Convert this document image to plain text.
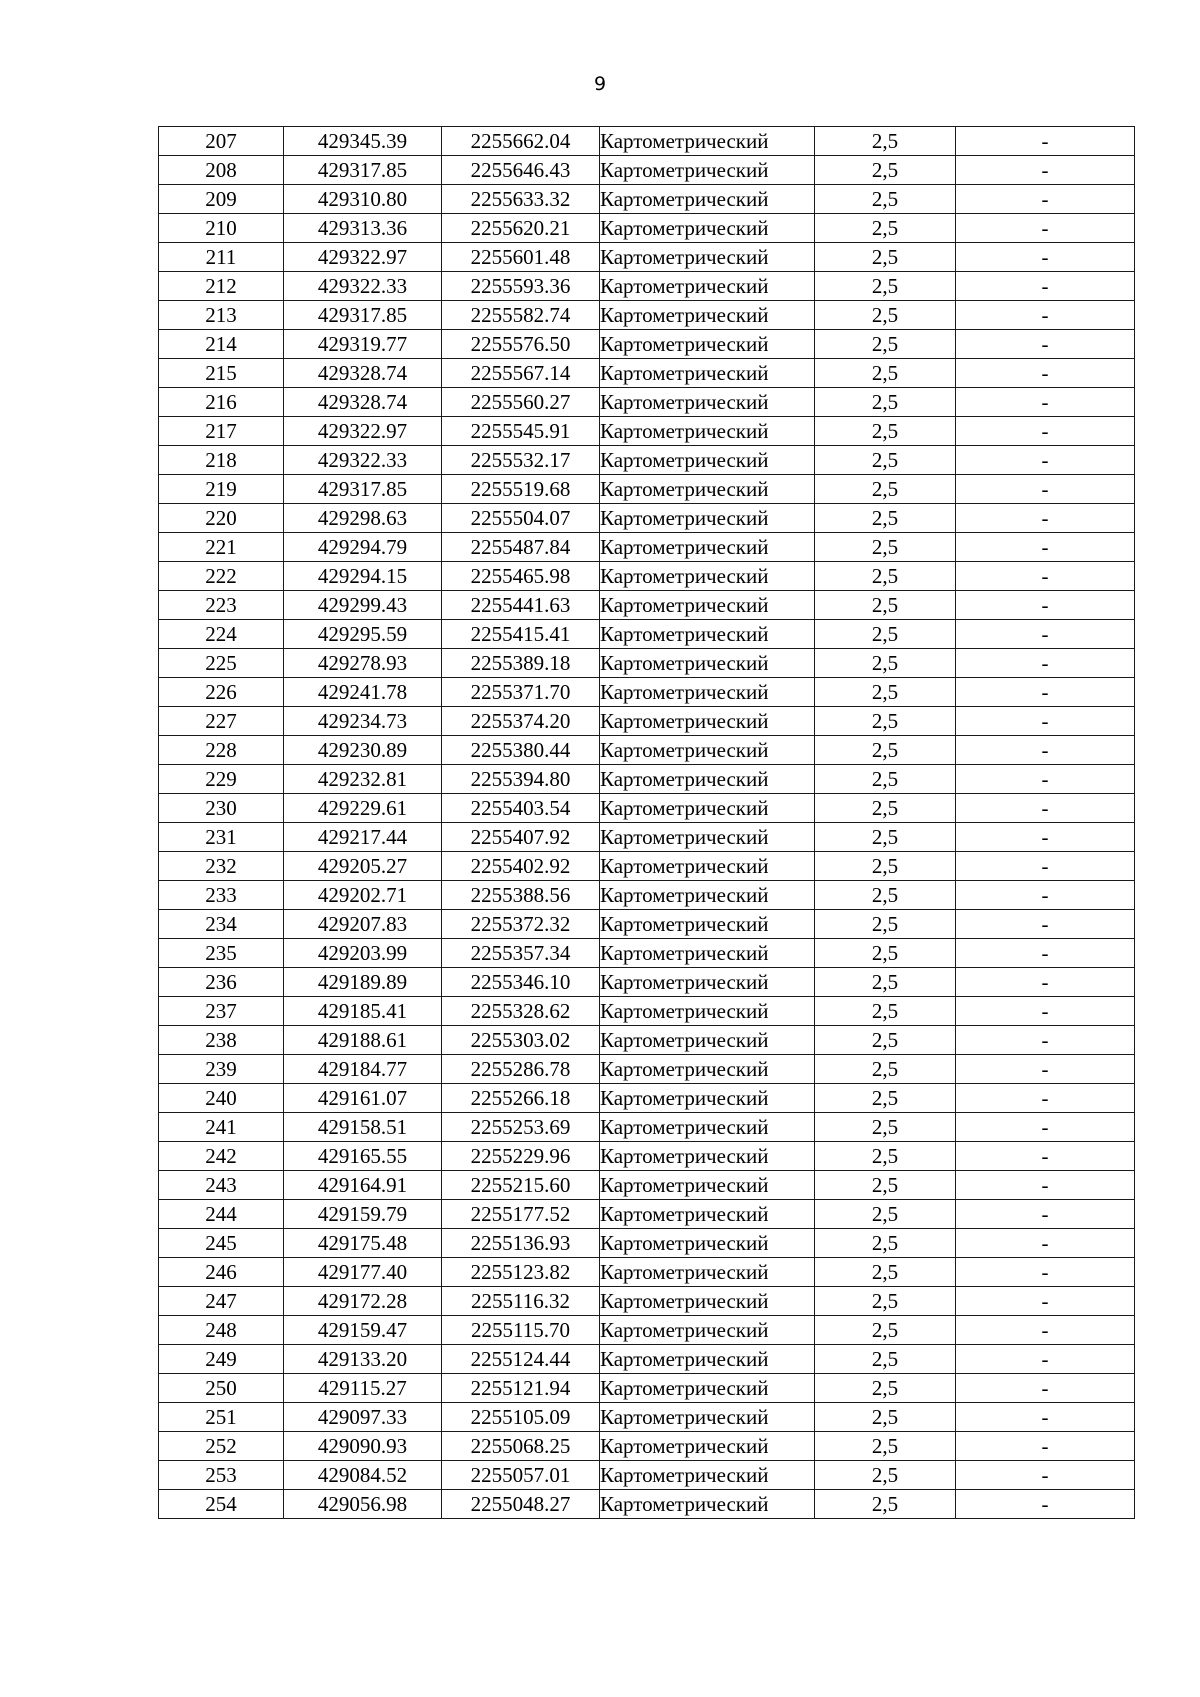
9
207	429345.39	2255662.04	Картометрический	2,5	-
208	429317.85	2255646.43	Картометрический	2,5	-
209	429310.80	2255633.32	Картометрический	2,5	-
210	429313.36	2255620.21	Картометрический	2,5	-
211	429322.97	2255601.48	Картометрический	2,5	-
212	429322.33	2255593.36	Картометрический	2,5	-
213	429317.85	2255582.74	Картометрический	2,5	-
214	429319.77	2255576.50	Картометрический	2,5	-
215	429328.74	2255567.14	Картометрический	2,5	-
216	429328.74	2255560.27	Картометрический	2,5	-
217	429322.97	2255545.91	Картометрический	2,5	-
218	429322.33	2255532.17	Картометрический	2,5	-
219	429317.85	2255519.68	Картометрический	2,5	-
220	429298.63	2255504.07	Картометрический	2,5	-
221	429294.79	2255487.84	Картометрический	2,5	-
222	429294.15	2255465.98	Картометрический	2,5	-
223	429299.43	2255441.63	Картометрический	2,5	-
224	429295.59	2255415.41	Картометрический	2,5	-
225	429278.93	2255389.18	Картометрический	2,5	-
226	429241.78	2255371.70	Картометрический	2,5	-
227	429234.73	2255374.20	Картометрический	2,5	-
228	429230.89	2255380.44	Картометрический	2,5	-
229	429232.81	2255394.80	Картометрический	2,5	-
230	429229.61	2255403.54	Картометрический	2,5	-
231	429217.44	2255407.92	Картометрический	2,5	-
232	429205.27	2255402.92	Картометрический	2,5	-
233	429202.71	2255388.56	Картометрический	2,5	-
234	429207.83	2255372.32	Картометрический	2,5	-
235	429203.99	2255357.34	Картометрический	2,5	-
236	429189.89	2255346.10	Картометрический	2,5	-
237	429185.41	2255328.62	Картометрический	2,5	-
238	429188.61	2255303.02	Картометрический	2,5	-
239	429184.77	2255286.78	Картометрический	2,5	-
240	429161.07	2255266.18	Картометрический	2,5	-
241	429158.51	2255253.69	Картометрический	2,5	-
242	429165.55	2255229.96	Картометрический	2,5	-
243	429164.91	2255215.60	Картометрический	2,5	-
244	429159.79	2255177.52	Картометрический	2,5	-
245	429175.48	2255136.93	Картометрический	2,5	-
246	429177.40	2255123.82	Картометрический	2,5	-
247	429172.28	2255116.32	Картометрический	2,5	-
248	429159.47	2255115.70	Картометрический	2,5	-
249	429133.20	2255124.44	Картометрический	2,5	-
250	429115.27	2255121.94	Картометрический	2,5	-
251	429097.33	2255105.09	Картометрический	2,5	-
252	429090.93	2255068.25	Картометрический	2,5	-
253	429084.52	2255057.01	Картометрический	2,5	-
254	429056.98	2255048.27	Картометрический	2,5	-
